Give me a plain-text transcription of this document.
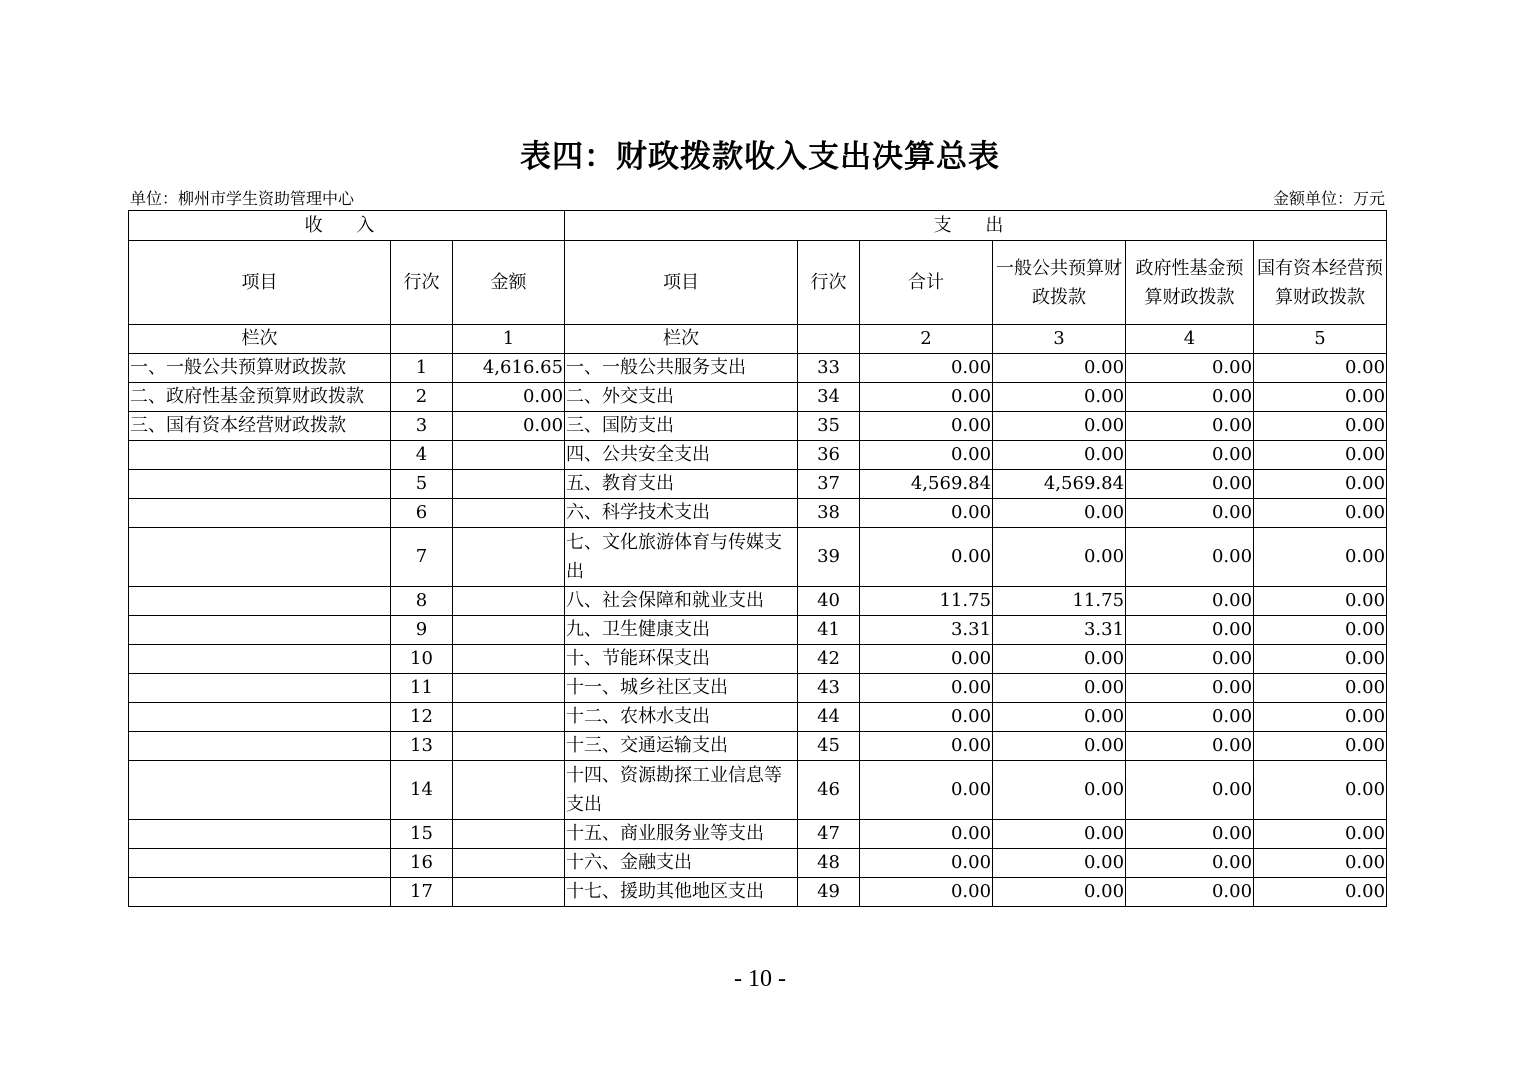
表四：财政拨款收入支出决算总表
单位：柳州市学生资助管理中心	金额单位：万元
收 入			支 出					
项目	行次	金额	项目	行次	合计	一般公共预算财政拨款	政府性基金预算财政拨款	国有资本经营预算财政拨款
栏次		1	栏次		2	3	4	5
一、一般公共预算财政拨款	1	4,616.65	一、一般公共服务支出	33	0.00	0.00	0.00	0.00
二、政府性基金预算财政拨款	2	0.00	二、外交支出	34	0.00	0.00	0.00	0.00
三、国有资本经营财政拨款	3	0.00	三、国防支出	35	0.00	0.00	0.00	0.00
	4		四、公共安全支出	36	0.00	0.00	0.00	0.00
	5		五、教育支出	37	4,569.84	4,569.84	0.00	0.00
	6		六、科学技术支出	38	0.00	0.00	0.00	0.00
	7		七、文化旅游体育与传媒支出	39	0.00	0.00	0.00	0.00
	8		八、社会保障和就业支出	40	11.75	11.75	0.00	0.00
	9		九、卫生健康支出	41	3.31	3.31	0.00	0.00
	10		十、节能环保支出	42	0.00	0.00	0.00	0.00
	11		十一、城乡社区支出	43	0.00	0.00	0.00	0.00
	12		十二、农林水支出	44	0.00	0.00	0.00	0.00
	13		十三、交通运输支出	45	0.00	0.00	0.00	0.00
	14		十四、资源勘探工业信息等支出	46	0.00	0.00	0.00	0.00
	15		十五、商业服务业等支出	47	0.00	0.00	0.00	0.00
	16		十六、金融支出	48	0.00	0.00	0.00	0.00
	17		十七、援助其他地区支出	49	0.00	0.00	0.00	0.00
- 10 -
